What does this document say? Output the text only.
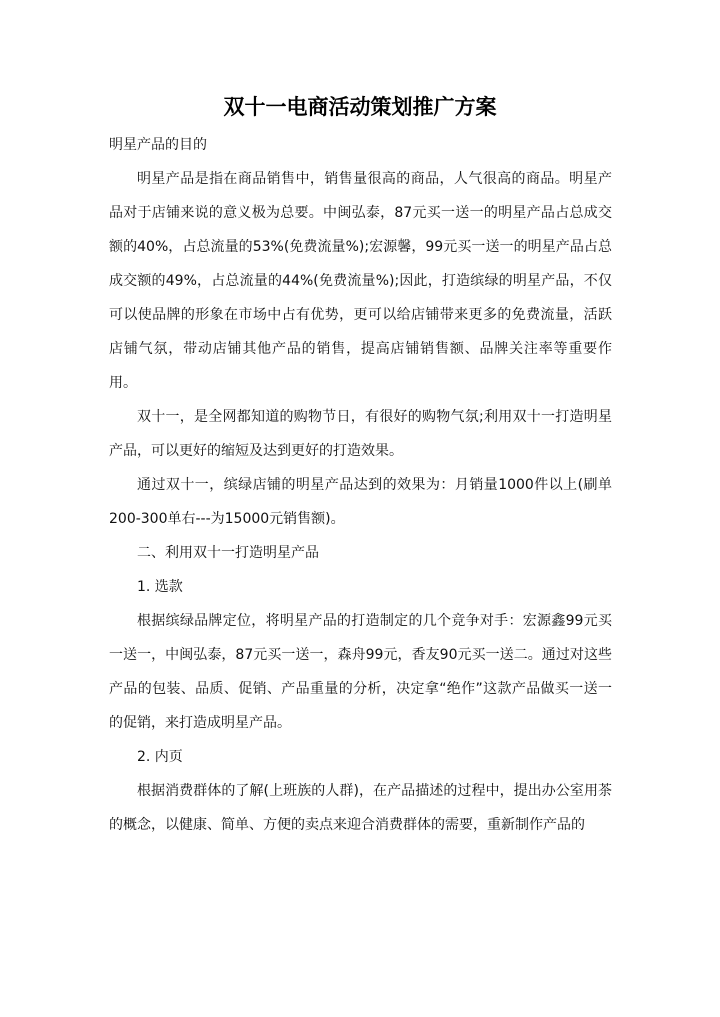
双十一电商活动策划推广方案

明星产品的目的

明星产品是指在商品销售中，销售量很高的商品，人气很高的商品。明星产品对于店铺来说的意义极为总要。中闽弘泰，87元买一送一的明星产品占总成交额的40%，占总流量的53%(免费流量%);宏源馨，99元买一送一的明星产品占总成交额的49%，占总流量的44%(免费流量%);因此，打造缤绿的明星产品，不仅可以使品牌的形象在市场中占有优势，更可以给店铺带来更多的免费流量，活跃店铺气氛，带动店铺其他产品的销售，提高店铺销售额、品牌关注率等重要作用。

双十一，是全网都知道的购物节日，有很好的购物气氛;利用双十一打造明星产品，可以更好的缩短及达到更好的打造效果。

通过双十一，缤绿店铺的明星产品达到的效果为：月销量1000件以上(刷单200-300单右---为15000元销售额)。

二、利用双十一打造明星产品

1. 选款

根据缤绿品牌定位，将明星产品的打造制定的几个竞争对手：宏源鑫99元买一送一，中闽弘泰，87元买一送一，森舟99元，香友90元买一送二。通过对这些产品的包装、品质、促销、产品重量的分析，决定拿“绝作”这款产品做买一送一的促销，来打造成明星产品。

2. 内页

根据消费群体的了解(上班族的人群)，在产品描述的过程中，提出办公室用茶的概念，以健康、简单、方便的卖点来迎合消费群体的需要，重新制作产品的
